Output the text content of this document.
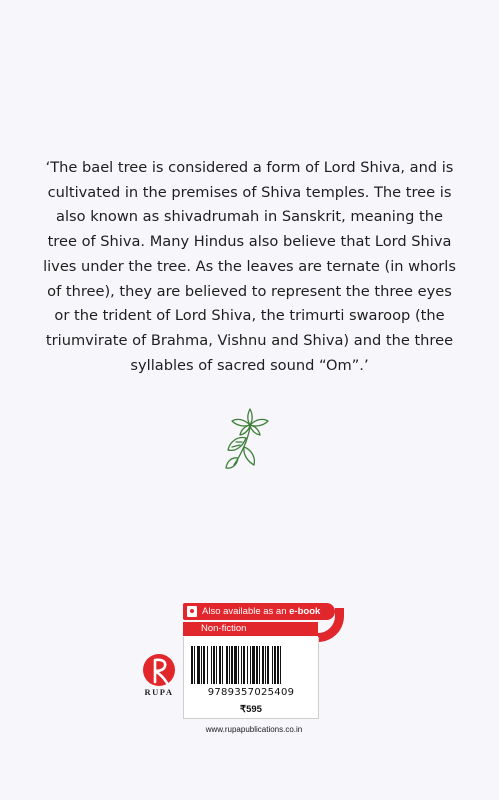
‘The bael tree is considered a form of Lord Shiva, and is cultivated in the premises of Shiva temples. The tree is also known as shivadrumah in Sanskrit, meaning the tree of Shiva. Many Hindus also believe that Lord Shiva lives under the tree. As the leaves are ternate (in whorls of three), they are believed to represent the three eyes or the trident of Lord Shiva, the trimurti swaroop (the triumvirate of Brahma, Vishnu and Shiva) and the three syllables of sacred sound “Om”.’

Also available as an e-book
Non-fiction
9789357025409
₹595
RUPA
www.rupapublications.co.in
